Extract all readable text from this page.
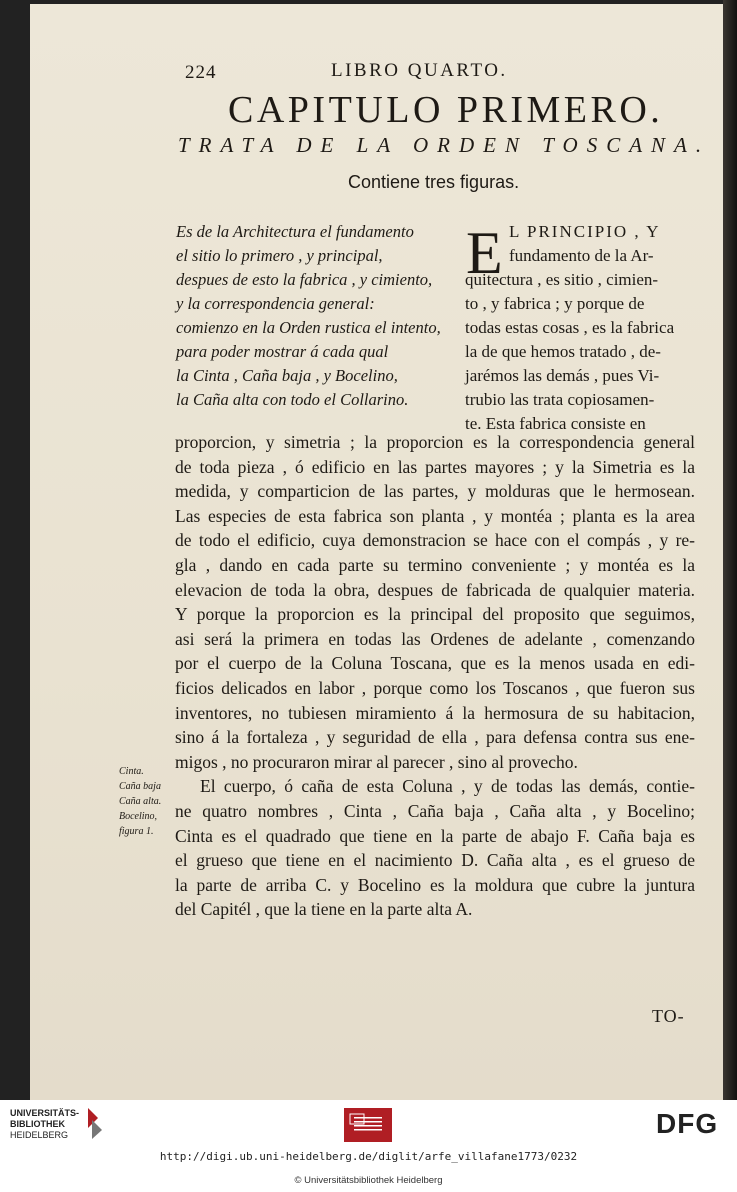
224	LIBRO QUARTO.
CAPITULO PRIMERO.
TRATA DE LA ORDEN TOSCANA.
Contiene tres figuras.
Es de la Architectura el fundamento
el sitio lo primero , y principal,
despues de esto la fabrica , y cimiento,
y la correspondencia general:
comienzo en la Orden rustica el intento,
para poder mostrar á cada qual
la Cinta , Caña baja , y Bocelino,
la Caña alta con todo el Collarino.
E L PRINCIPIO , Y
fundamento de la Ar-
quitectura , es sitio , cimien-
to , y fabrica ; y porque de
todas estas cosas , es la fabrica
la de que hemos tratado , de-
jarémos las demás , pues Vi-
trubio las trata copiosamen-
te. Esta fabrica consiste en
proporcion, y simetria ; la proporcion es la correspondencia general
de toda pieza , ó edificio en las partes mayores ; y la Simetria es la
medida, y comparticion de las partes, y molduras que le hermosean.
Las especies de esta fabrica son planta , y montéa ; planta es la area
de todo el edificio, cuya demonstracion se hace con el compás , y re-
gla , dando en cada parte su termino conveniente ; y montéa es la
elevacion de toda la obra, despues de fabricada de qualquier materia.
Y porque la proporcion es la principal del proposito que seguimos,
asi será la primera en todas las Ordenes de adelante , comenzando
por el cuerpo de la Coluna Toscana, que es la menos usada en edi-
ficios delicados en labor , porque como los Toscanos , que fueron sus
inventores, no tubiesen miramiento á la hermosura de su habitacion,
sino á la fortaleza , y seguridad de ella , para defensa contra sus ene-
migos , no procuraron mirar al parecer , sino al provecho.
El cuerpo, ó caña de esta Coluna , y de todas las demás, contie-
ne quatro nombres , Cinta , Caña baja , Caña alta , y Bocelino;
Cinta es el quadrado que tiene en la parte de abajo F. Caña baja es
el grueso que tiene en el nacimiento D. Caña alta , es el grueso de
la parte de arriba C. y Bocelino es la moldura que cubre la juntura
del Capitél , que la tiene en la parte alta A.
Cinta.
Caña baja
Caña alta.
Bocelino,
figura 1.
TO-
UNIVERSITÄTS-
BIBLIOTHEK
HEIDELBERG	DFG
http://digi.ub.uni-heidelberg.de/diglit/arfe_villafane1773/0232
© Universitätsbibliothek Heidelberg
